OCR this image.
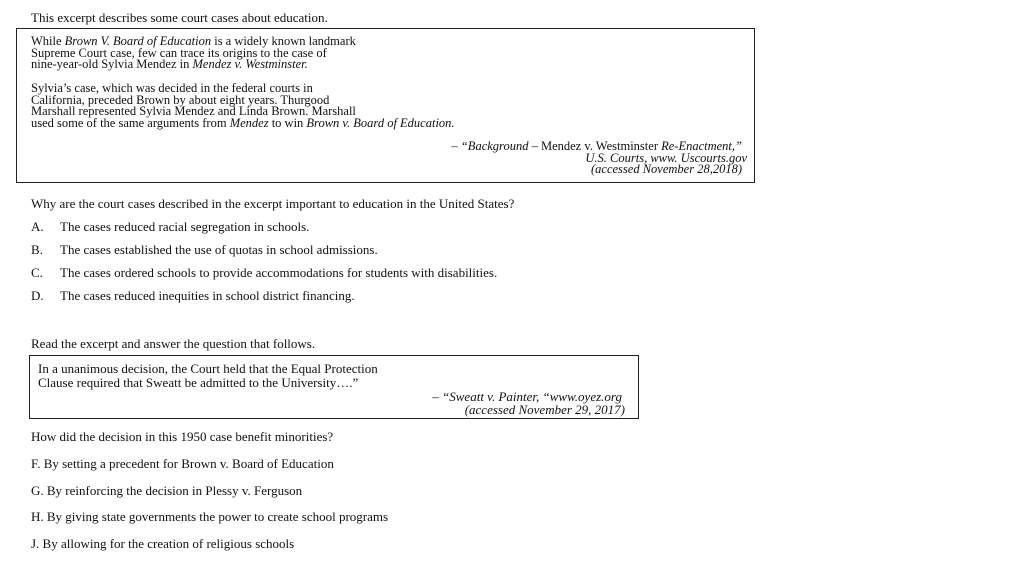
This excerpt describes some court cases about education.
While Brown V. Board of Education is a widely known landmark
Supreme Court case, few can trace its origins to the case of
nine-year-old Sylvia Mendez in Mendez v. Westminster.
Sylvia’s case, which was decided in the federal courts in
California, preceded Brown by about eight years. Thurgood
Marshall represented Sylvia Mendez and Linda Brown. Marshall
used some of the same arguments from Mendez to win Brown v. Board of Education.
– “Background – Mendez v. Westminster Re-Enactment,”
U.S. Courts, www. Uscourts.gov
(accessed November 28,2018)
Why are the court cases described in the excerpt important to education in the United States?
A. The cases reduced racial segregation in schools.
B. The cases established the use of quotas in school admissions.
C. The cases ordered schools to provide accommodations for students with disabilities.
D. The cases reduced inequities in school district financing.
Read the excerpt and answer the question that follows.
In a unanimous decision, the Court held that the Equal Protection
Clause required that Sweatt be admitted to the University….”
– “Sweatt v. Painter, “www.oyez.org
(accessed November 29, 2017)
How did the decision in this 1950 case benefit minorities?
F. By setting a precedent for Brown v. Board of Education
G. By reinforcing the decision in Plessy v. Ferguson
H. By giving state governments the power to create school programs
J. By allowing for the creation of religious schools
